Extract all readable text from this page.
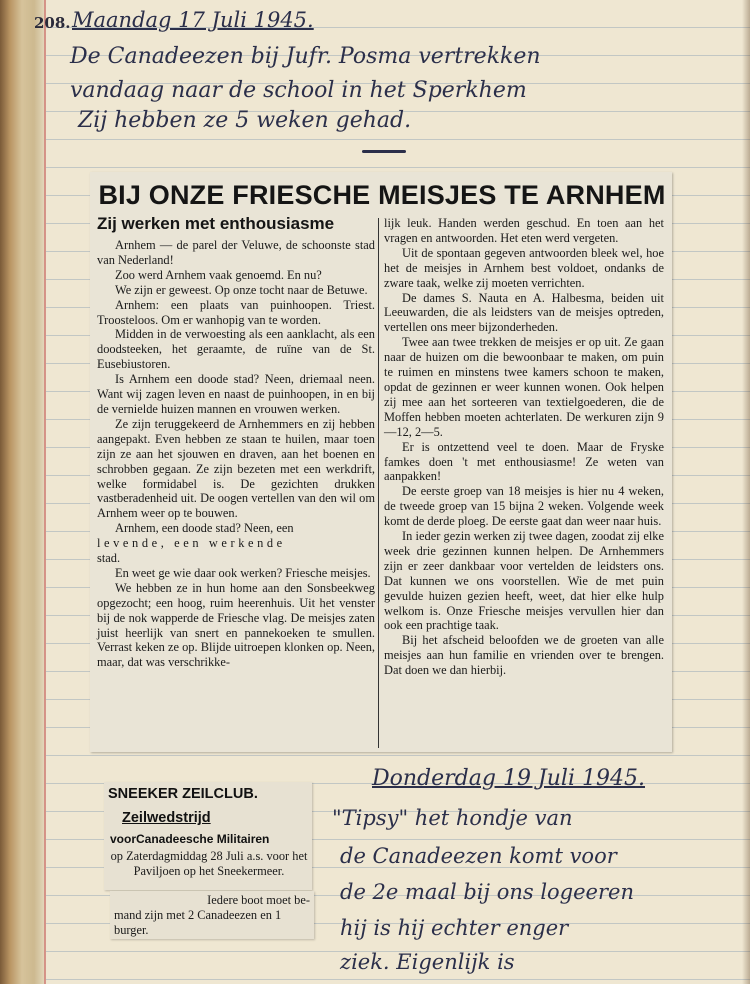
208. Maandag 17 Juli 1945.
De Canadeezen bij Jufr. Posma vertrekken
vandaag naar de school in het Sperkhem
Zij hebben ze 5 weken gehad.
BIJ ONZE FRIESCHE MEISJES TE ARNHEM
Zij werken met enthousiasme

Arnhem — de parel der Veluwe, de schoonste stad van Nederland!

Zoo werd Arnhem vaak genoemd. En nu?

We zijn er geweest. Op onze tocht naar de Betuwe.

Arnhem: een plaats van puinhoopen. Triest. Troosteloos. Om er wanhopig van te worden.

Midden in de verwoesting als een aanklacht, als een doodsteeken, het geraamte, de ruïne van de St. Eusebiustoren.

Is Arnhem een doode stad? Neen, driemaal neen. Want wij zagen leven en naast de puinhoopen, in en bij de vernielde huizen mannen en vrouwen werken.

Ze zijn teruggekeerd de Arnhemmers en zij hebben aangepakt. Even hebben ze staan te huilen, maar toen zijn ze aan het sjouwen en draven, aan het boenen en schrobben gegaan. Ze zijn bezeten met een werkdrift, welke formidabel is. De gezichten drukken vastberadenheid uit. De oogen vertellen van den wil om Arnhem weer op te bouwen.

Arnhem, een doode stad? Neen, een

levende, een werkende

stad.

En weet ge wie daar ook werken? Friesche meisjes.

We hebben ze in hun home aan den Sonsbeekweg opgezocht; een hoog, ruim heerenhuis. Uit het venster bij de nok wapperde de Friesche vlag. De meisjes zaten juist heerlijk van snert en pannekoeken te smullen. Verrast keken ze op. Blijde uitroepen klonken op. Neen, maar, dat was verschrikke-

lijk leuk. Handen werden geschud. En toen aan het vragen en antwoorden. Het eten werd vergeten.

Uit de spontaan gegeven antwoorden bleek wel, hoe het de meisjes in Arnhem best voldoet, ondanks de zware taak, welke zij moeten verrichten.

De dames S. Nauta en A. Halbesma, beiden uit Leeuwarden, die als leidsters van de meisjes optreden, vertellen ons meer bijzonderheden.

Twee aan twee trekken de meisjes er op uit. Ze gaan naar de huizen om die bewoonbaar te maken, om puin te ruimen en minstens twee kamers schoon te maken, opdat de gezinnen er weer kunnen wonen. Ook helpen zij mee aan het sorteeren van textielgoederen, die de Moffen hebben moeten achterlaten. De werkuren zijn 9—12, 2—5.

Er is ontzettend veel te doen. Maar de Fryske famkes doen 't met enthousiasme! Ze weten van aanpakken!

De eerste groep van 18 meisjes is hier nu 4 weken, de tweede groep van 15 bijna 2 weken. Volgende week komt de derde ploeg. De eerste gaat dan weer naar huis.

In ieder gezin werken zij twee dagen, zoodat zij elke week drie gezinnen kunnen helpen. De Arnhemmers zijn er zeer dankbaar voor vertelden de leidsters ons. Dat kunnen we ons voorstellen. Wie de met puin gevulde huizen gezien heeft, weet, dat hier elke hulp welkom is. Onze Friesche meisjes vervullen hier dan ook een prachtige taak.

Bij het afscheid beloofden we de groeten van alle meisjes aan hun familie en vrienden over te brengen. Dat doen we dan hierbij.

SNEEKER ZEILCLUB.
Zeilwedstrijd
voorCanadeesche Militairen
op Zaterdagmiddag 28 Juli a.s. voor het Paviljoen op het Sneekermeer.
Iedere boot moet be-
mand zijn met 2 Canadeezen en 1 burger.
Donderdag 19 Juli 1945.
"Tipsy" het hondje van
de Canadeezen komt voor
de 2e maal bij ons logeeren
hij is hij echter enger
ziek. Eigenlijk is
